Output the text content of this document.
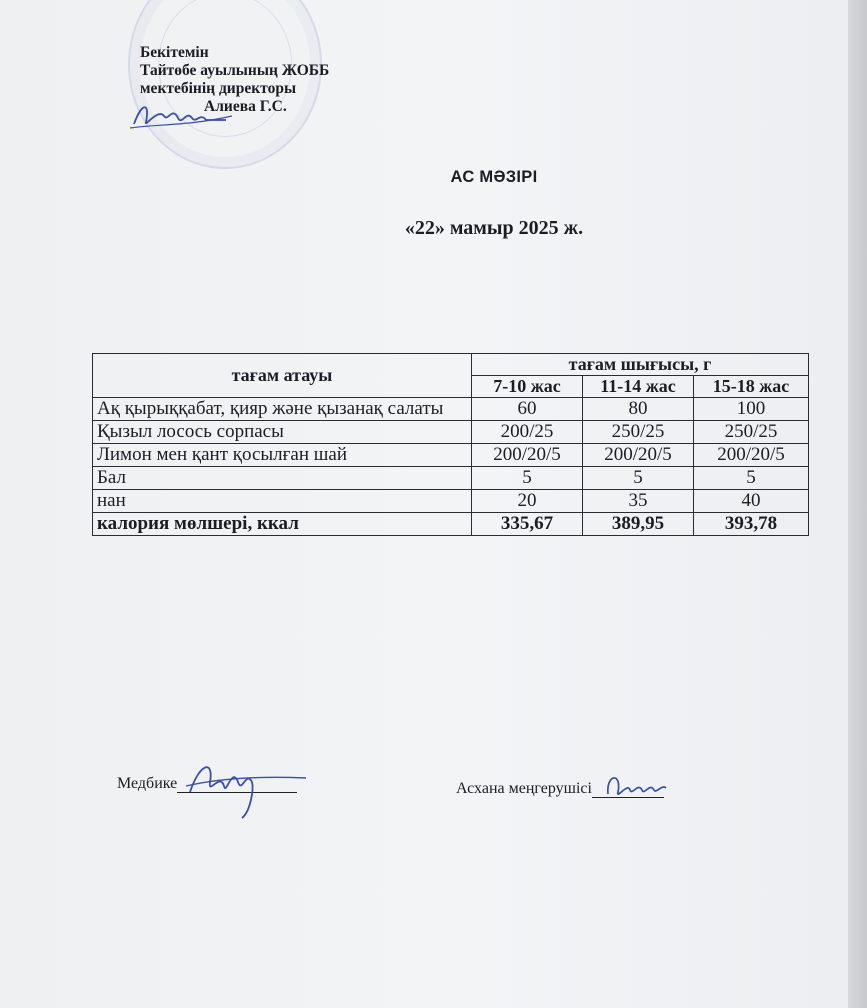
Бекітемін
Тайтөбе ауылының ЖОББ
мектебінің директоры
Алиева Г.С.
АС МӘЗІРІ
«22» мамыр 2025 ж.
тағам атауы	тағам шығысы, г		
	7-10 жас	11-14 жас	15-18 жас
Ақ қырыққабат, қияр және қызанақ салаты	60	80	100
Қызыл лосось сорпасы	200/25	250/25	250/25
Лимон мен қант қосылған шай	200/20/5	200/20/5	200/20/5
Бал	5	5	5
нан	20	35	40
калория мөлшері, ккал	335,67	389,95	393,78
Медбике	Асхана меңгерушісі
